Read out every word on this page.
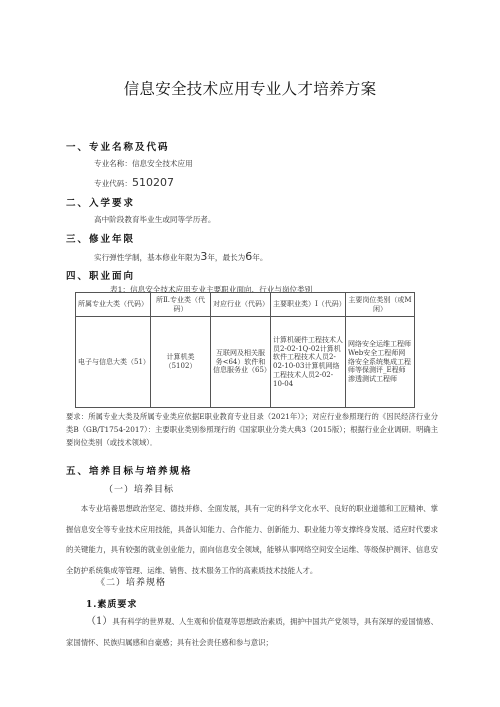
信息安全技术应用专业人才培养方案
一、专业名称及代码
专业名称：信息安全技术应用
专业代码：510207
二、入学要求
高中阶段教育毕业生或同等学历者。
三、修业年限
实行弹性学制，基本修业年限为3年，最长为6年。
四、职业面向
表1：信息安全技术应用专业主要职业面向、行业与岗位类别
所属专业大类（代码）	所Ⅱ.专业类（代码）	对应行业（代码）	主要职业类）I（代码）	主要岗位类别（或M闲）
电子与信息大类（51）	计算机类（5102）	互联网及相关服务<64）软件和信息服务业（65）	计算机硬件工程技术人员2-02-1Q-02计算机软件工程技术人员2-02-10-03计算机网络工程技术人员2-02-10-04	网络安全运维工程师Web安全工程师网络安全系统集成工程师等保测评_E程师渗透测试工程师
要求：所属专业大类及所属专业类应依据E职业教育专业目录（2021年）》；对应行业参照现行的《因民经济行业分类B（GB/T1754-2017）：主要职业类别参照现行的《国家职业分类大典3（2015版）；根据行业企业调研．明确主要岗位类别（或技术领域）．
五、培养目标与培养规格
（一）培养目标
本专业培養思想政治坚定、德技并修、全面发展，具有一定的科学文化水平、良好的职业道德和工匠精神、掌握信息安全等专业技术应用技能，具备认知能力、合作能力、创新能力、职业能力等支撑终身发展、适应时代要求的关键能力，具有较强的就业创业能力，面向信息安全领域，能够从事网络空间安全运维、等级保护测评、信息安全防护系统集成等管理、运维、销售、技术服务工作的高素质技术技能人才。
《二）培养规格
1.素质要求
（1）具有科学的世界观、人生观和价值观等思想政治素质，拥护中国共产党领导，具有深厚的爱国情感、家国情怀、民族归属感和自豪感；具有社会责任感和参与意识；
